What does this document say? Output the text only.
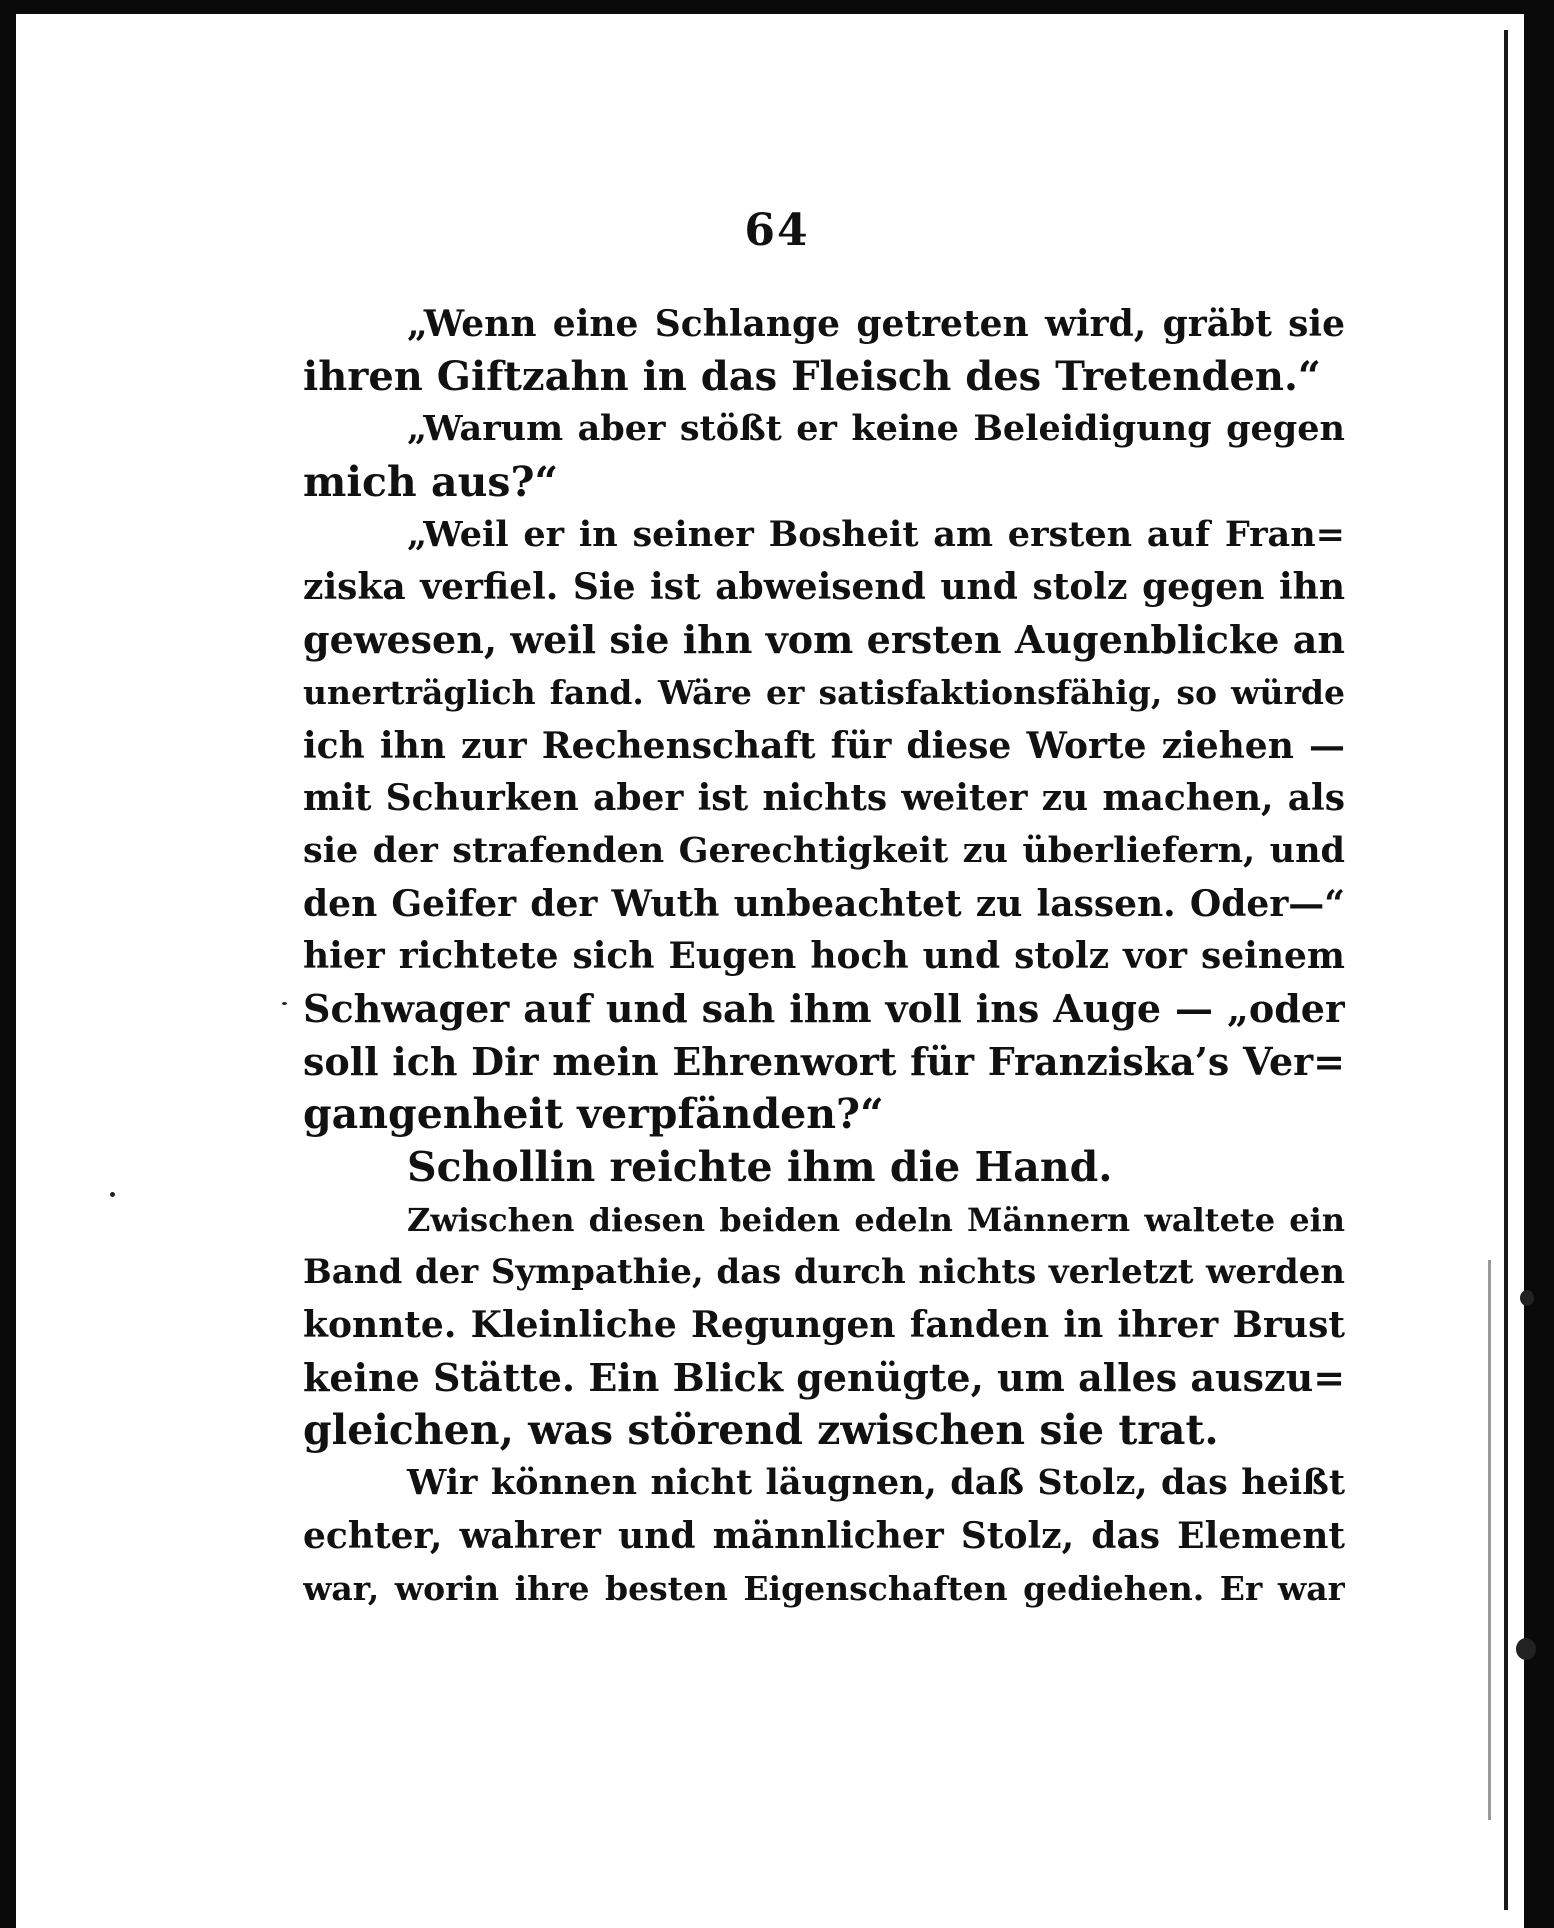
64
„Wenn eine Schlange getreten wird, gräbt sie
ihren Giftzahn in das Fleisch des Tretenden.“
„Warum aber stößt er keine Beleidigung gegen
mich aus?“
„Weil er in seiner Bosheit am ersten auf Fran=
ziska verfiel. Sie ist abweisend und stolz gegen ihn
gewesen, weil sie ihn vom ersten Augenblicke an
unerträglich fand. Wäre er satisfaktionsfähig, so würde
ich ihn zur Rechenschaft für diese Worte ziehen —
mit Schurken aber ist nichts weiter zu machen, als
sie der strafenden Gerechtigkeit zu überliefern, und
den Geifer der Wuth unbeachtet zu lassen. Oder—“
hier richtete sich Eugen hoch und stolz vor seinem
Schwager auf und sah ihm voll ins Auge — „oder
soll ich Dir mein Ehrenwort für Franziska’s Ver=
gangenheit verpfänden?“
Schollin reichte ihm die Hand.
Zwischen diesen beiden edeln Männern waltete ein
Band der Sympathie, das durch nichts verletzt werden
konnte. Kleinliche Regungen fanden in ihrer Brust
keine Stätte. Ein Blick genügte, um alles auszu=
gleichen, was störend zwischen sie trat.
Wir können nicht läugnen, daß Stolz, das heißt
echter, wahrer und männlicher Stolz, das Element
war, worin ihre besten Eigenschaften gediehen. Er war
